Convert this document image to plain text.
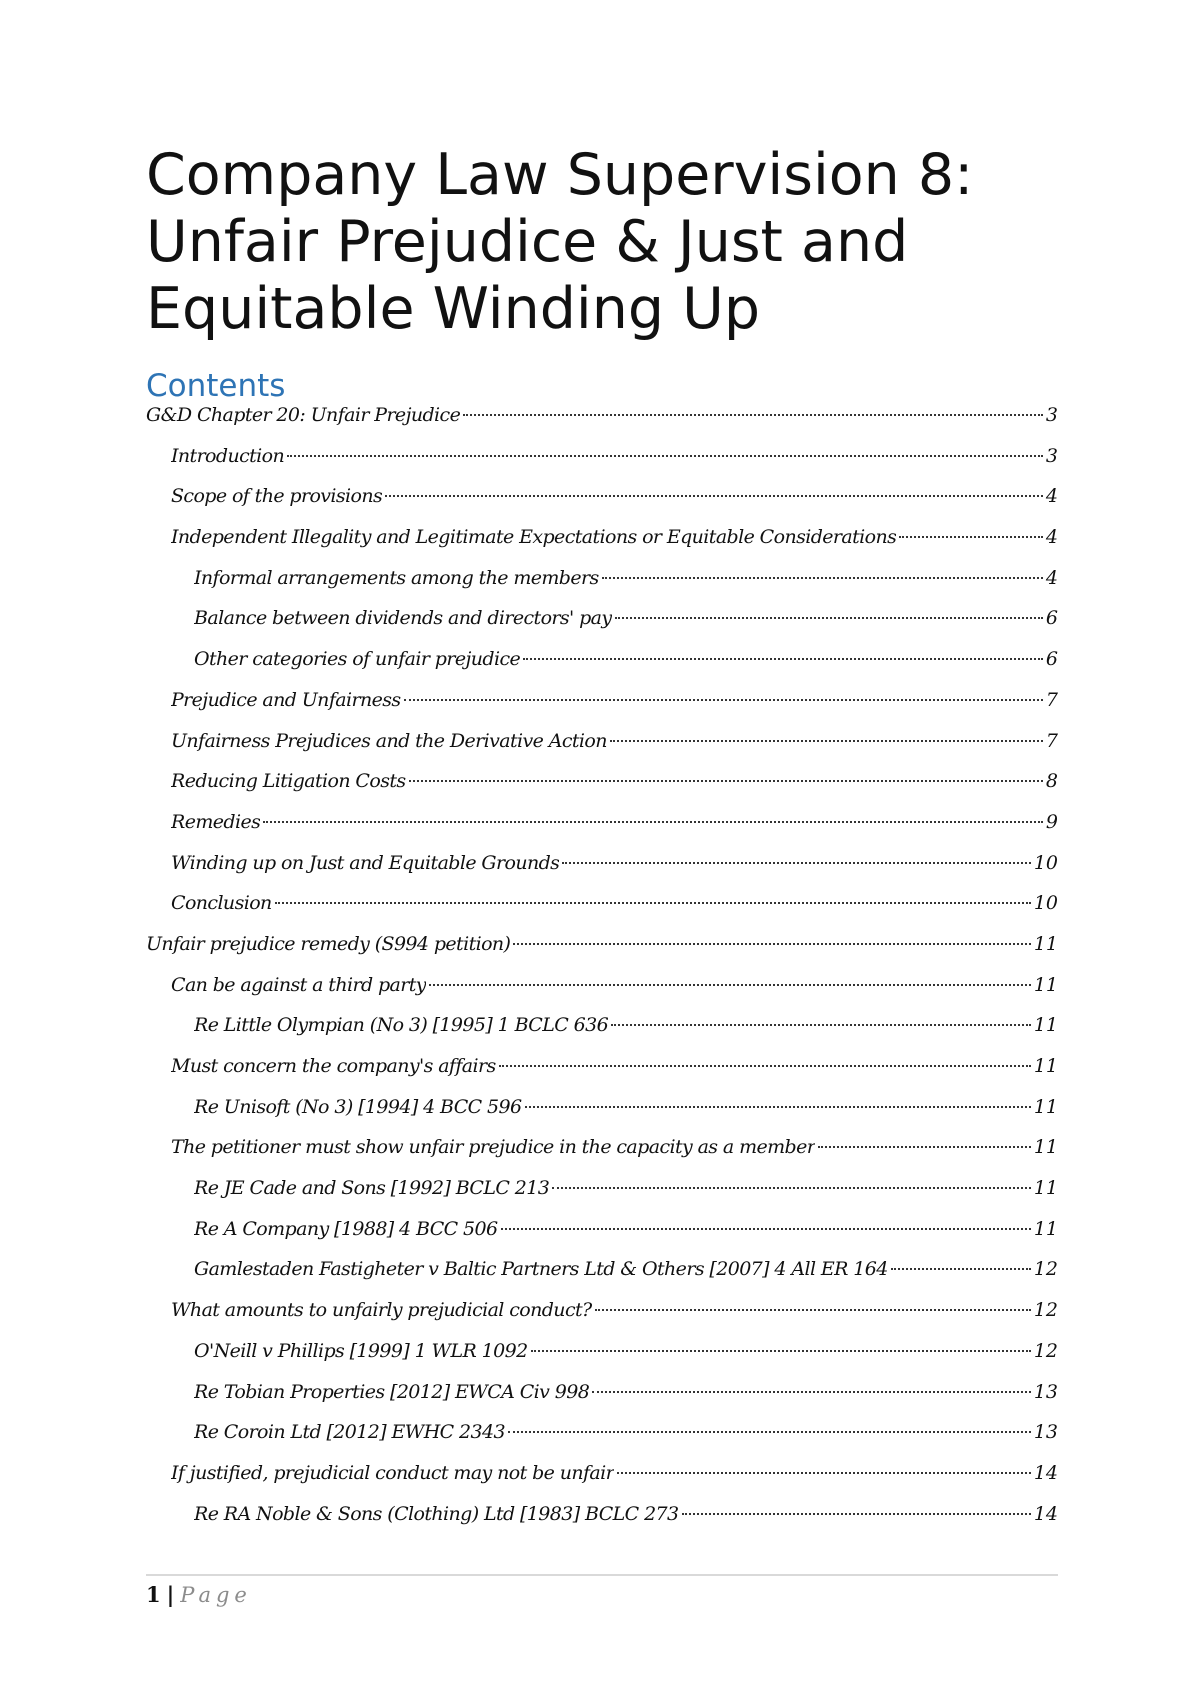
Company Law Supervision 8:
Unfair Prejudice & Just and
Equitable Winding Up
Contents
G&D Chapter 20: Unfair Prejudice	3
Introduction	3
Scope of the provisions	4
Independent Illegality and Legitimate Expectations or Equitable Considerations	4
Informal arrangements among the members	4
Balance between dividends and directors' pay	6
Other categories of unfair prejudice	6
Prejudice and Unfairness	7
Unfairness Prejudices and the Derivative Action	7
Reducing Litigation Costs	8
Remedies	9
Winding up on Just and Equitable Grounds	10
Conclusion	10
Unfair prejudice remedy (S994 petition)	11
Can be against a third party	11
Re Little Olympian (No 3) [1995] 1 BCLC 636	11
Must concern the company's affairs	11
Re Unisoft (No 3) [1994] 4 BCC 596	11
The petitioner must show unfair prejudice in the capacity as a member	11
Re JE Cade and Sons [1992] BCLC 213	11
Re A Company [1988] 4 BCC 506	11
Gamlestaden Fastigheter v Baltic Partners Ltd & Others [2007] 4 All ER 164	12
What amounts to unfairly prejudicial conduct?	12
O'Neill v Phillips [1999] 1 WLR 1092	12
Re Tobian Properties [2012] EWCA Civ 998	13
Re Coroin Ltd [2012] EWHC 2343	13
If justified, prejudicial conduct may not be unfair	14
Re RA Noble & Sons (Clothing) Ltd [1983] BCLC 273	14
1 | Page
